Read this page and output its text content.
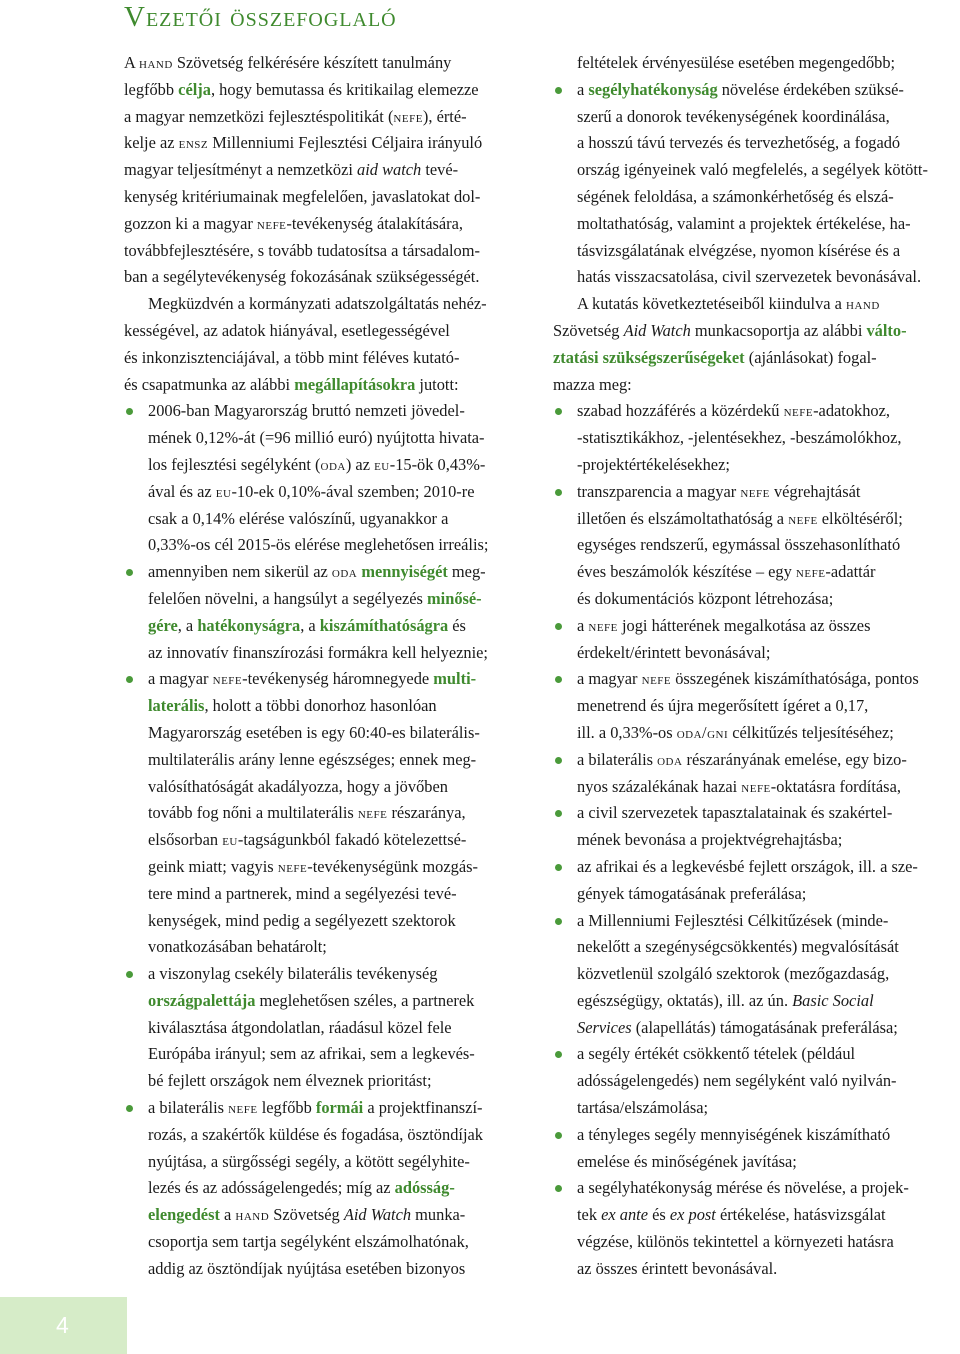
Vezetői összefoglaló
A hand Szövetség felkérésére készített tanulmány
legfőbb célja, hogy bemutassa és kritikailag elemezze
a magyar nemzetközi fejlesztéspolitikát (nefe), érté-
kelje az ensz Millenniumi Fejlesztési Céljaira irányuló
magyar teljesítményt a nemzetközi aid watch tevé-
kenység kritériumainak megfelelően, javaslatokat dol-
gozzon ki a magyar nefe-tevékenység átalakítására,
továbbfejlesztésére, s tovább tudatosítsa a társadalom-
ban a segélytevékenység fokozásának szükségességét.
Megküzdvén a kormányzati adatszolgáltatás nehéz-
kességével, az adatok hiányával, esetlegességével
és inkonzisztenciájával, a több mint féléves kutató-
és csapatmunka az alábbi megállapításokra jutott:
2006-ban Magyarország bruttó nemzeti jövedel-
mének 0,12%-át (=96 millió euró) nyújtotta hivata-
los fejlesztési segélyként (oda) az eu-15-ök 0,43%-
ával és az eu-10-ek 0,10%-ával szemben; 2010-re
csak a 0,14% elérése valószínű, ugyanakkor a
0,33%-os cél 2015-ös elérése meglehetősen irreális;
amennyiben nem sikerül az oda mennyiségét meg-
felelően növelni, a hangsúlyt a segélyezés minősé-
gére, a hatékonyságra, a kiszámíthatóságra és
az innovatív finanszírozási formákra kell helyeznie;
a magyar nefe-tevékenység háromnegyede multi-
laterális, holott a többi donorhoz hasonlóan
Magyarország esetében is egy 60:40-es bilaterális-
multilaterális arány lenne egészséges; ennek meg-
valósíthatóságát akadályozza, hogy a jövőben
tovább fog nőni a multilaterális nefe részaránya,
elsősorban eu-tagságunkból fakadó kötelezettsé-
geink miatt; vagyis nefe-tevékenységünk mozgás-
tere mind a partnerek, mind a segélyezési tevé-
kenységek, mind pedig a segélyezett szektorok
vonatkozásában behatárolt;
a viszonylag csekély bilaterális tevékenység
országpalettája meglehetősen széles, a partnerek
kiválasztása átgondolatlan, ráadásul közel fele
Európába irányul; sem az afrikai, sem a legkevés-
bé fejlett országok nem élveznek prioritást;
a bilaterális nefe legfőbb formái a projektfinanszí-
rozás, a szakértők küldése és fogadása, ösztöndíjak
nyújtása, a sürgősségi segély, a kötött segélyhite-
lezés és az adósságelengedés; míg az adósság-
elengedést a hand Szövetség Aid Watch munka-
csoportja sem tartja segélyként elszámolhatónak,
addig az ösztöndíjak nyújtása esetében bizonyos
feltételek érvényesülése esetében megengedőbb;
a segélyhatékonyság növelése érdekében szüksé-
szerű a donorok tevékenységének koordinálása,
a hosszú távú tervezés és tervezhetőség, a fogadó
ország igényeinek való megfelelés, a segélyek kötött-
ségének feloldása, a számonkérhetőség és elszá-
moltathatóság, valamint a projektek értékelése, ha-
tásvizsgálatának elvégzése, nyomon kísérése és a
hatás visszacsatolása, civil szervezetek bevonásával.
A kutatás következtetéseiből kiindulva a hand
Szövetség Aid Watch munkacsoportja az alábbi válto-
ztatási szükségszerűségeket (ajánlásokat) fogal-
mazza meg:
szabad hozzáférés a közérdekű nefe-adatokhoz,
-statisztikákhoz, -jelentésekhez, -beszámolókhoz,
-projektértékelésekhez;
transzparencia a magyar nefe végrehajtását
illetően és elszámoltathatóság a nefe elköltéséről;
egységes rendszerű, egymással összehasonlítható
éves beszámolók készítése – egy nefe-adattár
és dokumentációs központ létrehozása;
a nefe jogi hátterének megalkotása az összes
érdekelt/érintett bevonásával;
a magyar nefe összegének kiszámíthatósága, pontos
menetrend és újra megerősített ígéret a 0,17,
ill. a 0,33%-os oda/gni célkitűzés teljesítéséhez;
a bilaterális oda részarányának emelése, egy bizo-
nyos százalékának hazai nefe-oktatásra fordítása,
a civil szervezetek tapasztalatainak és szakértel-
mének bevonása a projektvégrehajtásba;
az afrikai és a legkevésbé fejlett országok, ill. a sze-
gények támogatásának preferálása;
a Millenniumi Fejlesztési Célkitűzések (minde-
nekelőtt a szegénységcsökkentés) megvalósítását
közvetlenül szolgáló szektorok (mezőgazdaság,
egészségügy, oktatás), ill. az ún. Basic Social
Services (alapellátás) támogatásának preferálása;
a segély értékét csökkentő tételek (például
adósságelengedés) nem segélyként való nyilván-
tartása/elszámolása;
a tényleges segély mennyiségének kiszámítható
emelése és minőségének javítása;
a segélyhatékonyság mérése és növelése, a projek-
tek ex ante és ex post értékelése, hatásvizsgálat
végzése, különös tekintettel a környezeti hatásra
az összes érintett bevonásával.
4
